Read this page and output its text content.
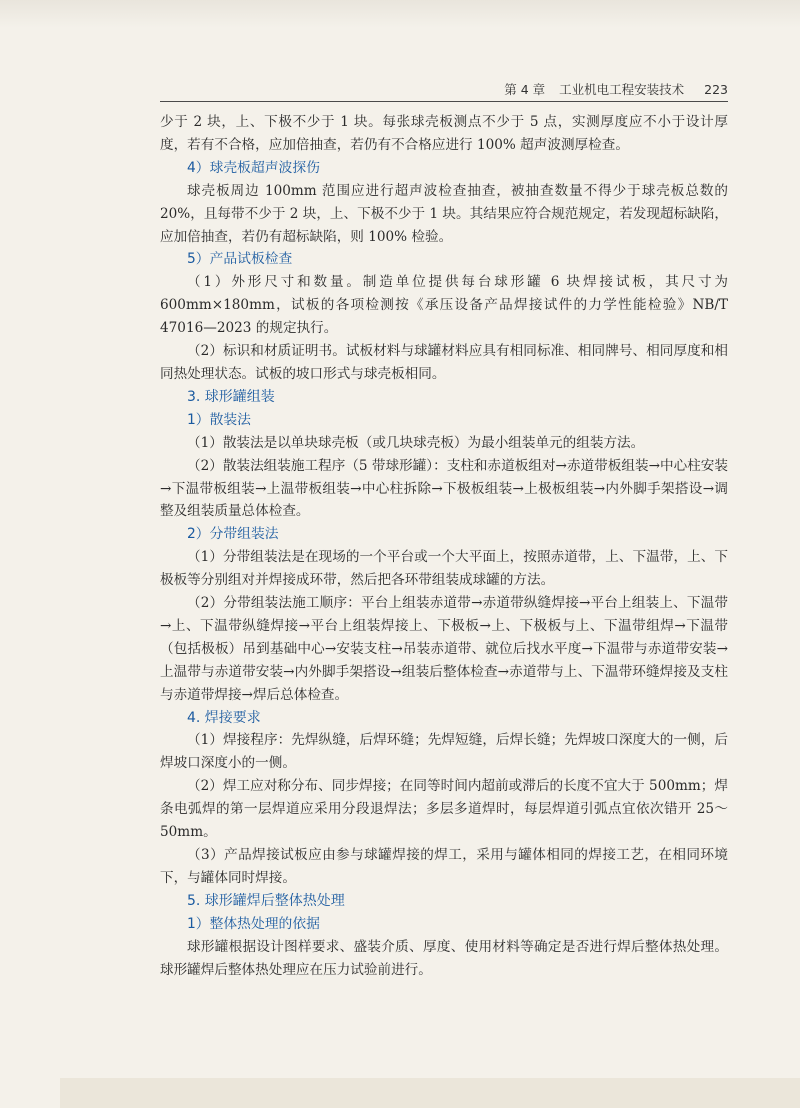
第 4 章 工业机电工程安装技术 223

少于 2 块，上、下极不少于 1 块。每张球壳板测点不少于 5 点，实测厚度应不小于设计厚度，若有不合格，应加倍抽查，若仍有不合格应进行 100% 超声波测厚检查。

4）球壳板超声波探伤

球壳板周边 100mm 范围应进行超声波检查抽查，被抽查数量不得少于球壳板总数的 20%，且每带不少于 2 块，上、下极不少于 1 块。其结果应符合规范规定，若发现超标缺陷，应加倍抽查，若仍有超标缺陷，则 100% 检验。

5）产品试板检查

（1）外形尺寸和数量。制造单位提供每台球形罐 6 块焊接试板，其尺寸为 600mm×180mm，试板的各项检测按《承压设备产品焊接试件的力学性能检验》NB/T 47016—2023 的规定执行。

（2）标识和材质证明书。试板材料与球罐材料应具有相同标准、相同牌号、相同厚度和相同热处理状态。试板的坡口形式与球壳板相同。

3. 球形罐组装

1）散装法

（1）散装法是以单块球壳板（或几块球壳板）为最小组装单元的组装方法。

（2）散装法组装施工程序（5 带球形罐）：支柱和赤道板组对→赤道带板组装→中心柱安装→下温带板组装→上温带板组装→中心柱拆除→下极板组装→上极板组装→内外脚手架搭设→调整及组装质量总体检查。

2）分带组装法

（1）分带组装法是在现场的一个平台或一个大平面上，按照赤道带，上、下温带，上、下极板等分别组对并焊接成环带，然后把各环带组装成球罐的方法。

（2）分带组装法施工顺序：平台上组装赤道带→赤道带纵缝焊接→平台上组装上、下温带→上、下温带纵缝焊接→平台上组装焊接上、下极板→上、下极板与上、下温带组焊→下温带（包括极板）吊到基础中心→安装支柱→吊装赤道带、就位后找水平度→下温带与赤道带安装→上温带与赤道带安装→内外脚手架搭设→组装后整体检查→赤道带与上、下温带环缝焊接及支柱与赤道带焊接→焊后总体检查。

4. 焊接要求

（1）焊接程序：先焊纵缝，后焊环缝；先焊短缝，后焊长缝；先焊坡口深度大的一侧，后焊坡口深度小的一侧。

（2）焊工应对称分布、同步焊接；在同等时间内超前或滞后的长度不宜大于 500mm；焊条电弧焊的第一层焊道应采用分段退焊法；多层多道焊时，每层焊道引弧点宜依次错开 25～50mm。

（3）产品焊接试板应由参与球罐焊接的焊工，采用与罐体相同的焊接工艺，在相同环境下，与罐体同时焊接。

5. 球形罐焊后整体热处理

1）整体热处理的依据

球形罐根据设计图样要求、盛装介质、厚度、使用材料等确定是否进行焊后整体热处理。球形罐焊后整体热处理应在压力试验前进行。
